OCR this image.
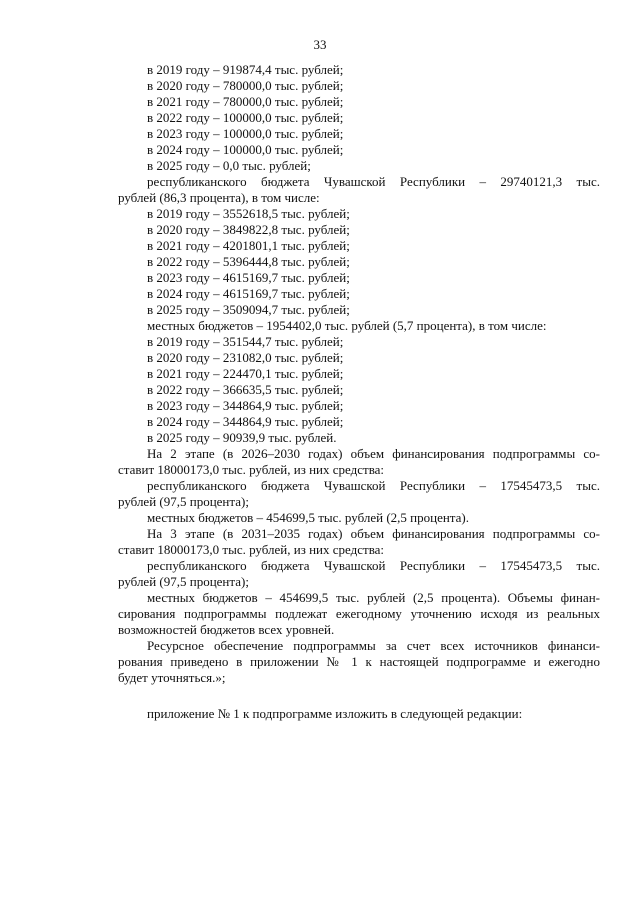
33
в 2019 году – 919874,4 тыс. рублей;
в 2020 году – 780000,0 тыс. рублей;
в 2021 году – 780000,0 тыс. рублей;
в 2022 году – 100000,0 тыс. рублей;
в 2023 году – 100000,0 тыс. рублей;
в 2024 году – 100000,0 тыс. рублей;
в 2025 году – 0,0 тыс. рублей;
республиканского бюджета Чувашской Республики – 29740121,3 тыс.
рублей (86,3 процента), в том числе:
в 2019 году – 3552618,5 тыс. рублей;
в 2020 году – 3849822,8 тыс. рублей;
в 2021 году – 4201801,1 тыс. рублей;
в 2022 году – 5396444,8 тыс. рублей;
в 2023 году – 4615169,7 тыс. рублей;
в 2024 году – 4615169,7 тыс. рублей;
в 2025 году – 3509094,7 тыс. рублей;
местных бюджетов – 1954402,0 тыс. рублей (5,7 процента), в том числе:
в 2019 году – 351544,7 тыс. рублей;
в 2020 году – 231082,0 тыс. рублей;
в 2021 году – 224470,1 тыс. рублей;
в 2022 году – 366635,5 тыс. рублей;
в 2023 году – 344864,9 тыс. рублей;
в 2024 году – 344864,9 тыс. рублей;
в 2025 году – 90939,9 тыс. рублей.
На 2 этапе (в 2026–2030 годах) объем финансирования подпрограммы со-
ставит 18000173,0 тыс. рублей, из них средства:
республиканского бюджета Чувашской Республики – 17545473,5 тыс.
рублей (97,5 процента);
местных бюджетов – 454699,5 тыс. рублей (2,5 процента).
На 3 этапе (в 2031–2035 годах) объем финансирования подпрограммы со-
ставит 18000173,0 тыс. рублей, из них средства:
республиканского бюджета Чувашской Республики – 17545473,5 тыс.
рублей (97,5 процента);
местных бюджетов – 454699,5 тыс. рублей (2,5 процента). Объемы финан-
сирования подпрограммы подлежат ежегодному уточнению исходя из реальных
возможностей бюджетов всех уровней.
Ресурсное обеспечение подпрограммы за счет всех источников финанси-
рования приведено в приложении № 1 к настоящей подпрограмме и ежегодно
будет уточняться.»;
приложение № 1 к подпрограмме изложить в следующей редакции:
